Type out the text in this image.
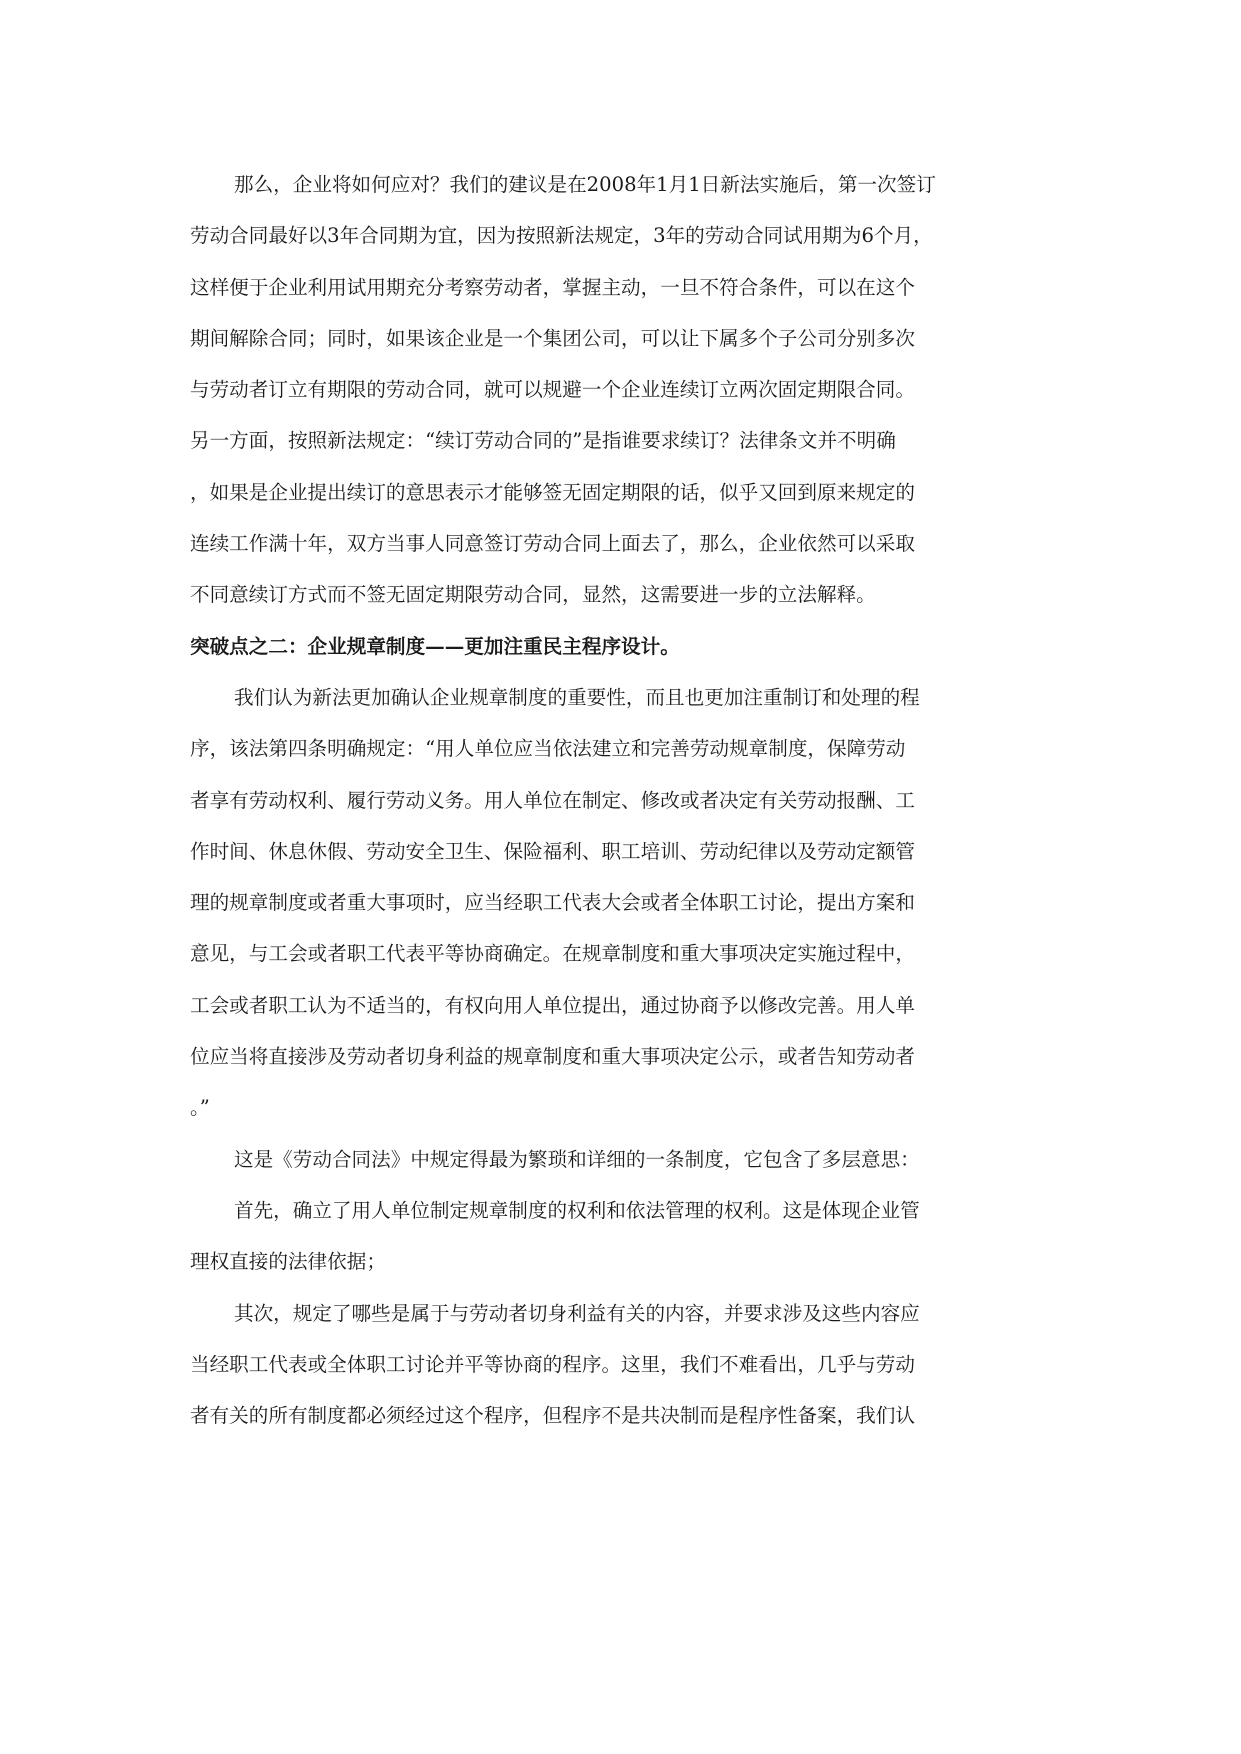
那么，企业将如何应对？我们的建议是在2008年1月1日新法实施后，第一次签订
劳动合同最好以3年合同期为宜，因为按照新法规定，3年的劳动合同试用期为6个月，
这样便于企业利用试用期充分考察劳动者，掌握主动，一旦不符合条件，可以在这个
期间解除合同；同时，如果该企业是一个集团公司，可以让下属多个子公司分别多次
与劳动者订立有期限的劳动合同，就可以规避一个企业连续订立两次固定期限合同。
另一方面，按照新法规定：“续订劳动合同的”是指谁要求续订？法律条文并不明确
，如果是企业提出续订的意思表示才能够签无固定期限的话，似乎又回到原来规定的
连续工作满十年，双方当事人同意签订劳动合同上面去了，那么，企业依然可以采取
不同意续订方式而不签无固定期限劳动合同，显然，这需要进一步的立法解释。
突破点之二：企业规章制度——更加注重民主程序设计。
我们认为新法更加确认企业规章制度的重要性，而且也更加注重制订和处理的程
序，该法第四条明确规定：“用人单位应当依法建立和完善劳动规章制度，保障劳动
者享有劳动权利、履行劳动义务。用人单位在制定、修改或者决定有关劳动报酬、工
作时间、休息休假、劳动安全卫生、保险福利、职工培训、劳动纪律以及劳动定额管
理的规章制度或者重大事项时，应当经职工代表大会或者全体职工讨论，提出方案和
意见，与工会或者职工代表平等协商确定。在规章制度和重大事项决定实施过程中，
工会或者职工认为不适当的，有权向用人单位提出，通过协商予以修改完善。用人单
位应当将直接涉及劳动者切身利益的规章制度和重大事项决定公示，或者告知劳动者
。”
这是《劳动合同法》中规定得最为繁琐和详细的一条制度，它包含了多层意思：
首先，确立了用人单位制定规章制度的权利和依法管理的权利。这是体现企业管
理权直接的法律依据；
其次，规定了哪些是属于与劳动者切身利益有关的内容，并要求涉及这些内容应
当经职工代表或全体职工讨论并平等协商的程序。这里，我们不难看出，几乎与劳动
者有关的所有制度都必须经过这个程序，但程序不是共决制而是程序性备案，我们认
